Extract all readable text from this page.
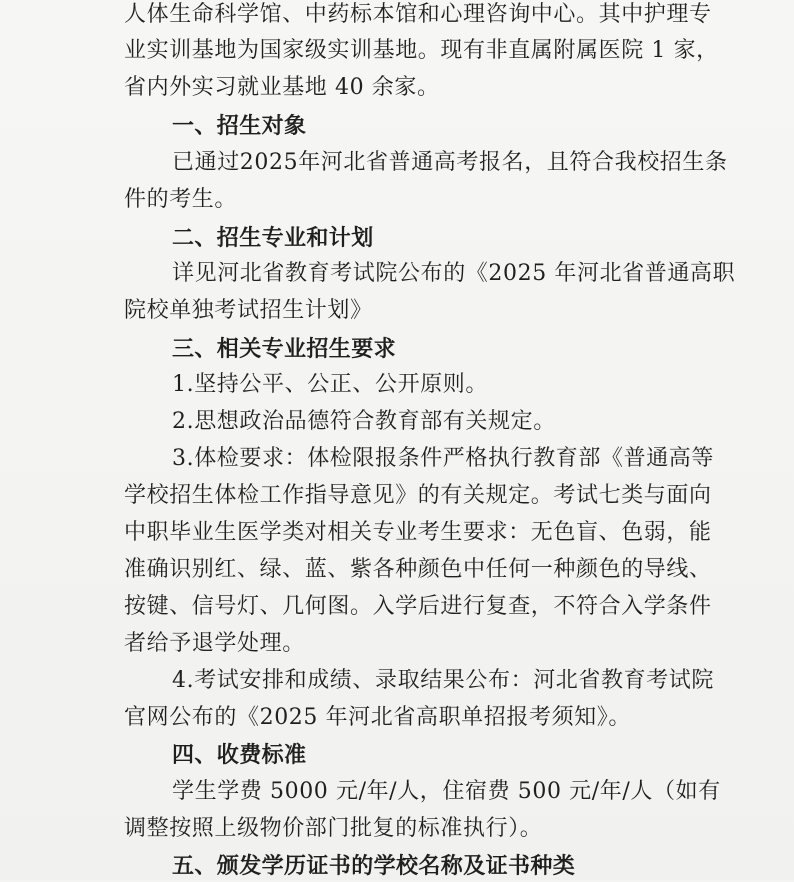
人体生命科学馆、中药标本馆和心理咨询中心。其中护理专
业实训基地为国家级实训基地。现有非直属附属医院 1 家，
省内外实习就业基地 40 余家。
一、招生对象
已通过2025年河北省普通高考报名，且符合我校招生条
件的考生。
二、招生专业和计划
详见河北省教育考试院公布的《2025 年河北省普通高职
院校单独考试招生计划》
三、相关专业招生要求
1.坚持公平、公正、公开原则。
2.思想政治品德符合教育部有关规定。
3.体检要求：体检限报条件严格执行教育部《普通高等
学校招生体检工作指导意见》的有关规定。考试七类与面向
中职毕业生医学类对相关专业考生要求：无色盲、色弱，能
准确识别红、绿、蓝、紫各种颜色中任何一种颜色的导线、
按键、信号灯、几何图。入学后进行复查，不符合入学条件
者给予退学处理。
4.考试安排和成绩、录取结果公布：河北省教育考试院
官网公布的《2025 年河北省高职单招报考须知》。
四、收费标准
学生学费 5000 元/年/人，住宿费 500 元/年/人（如有
调整按照上级物价部门批复的标准执行）。
五、颁发学历证书的学校名称及证书种类
